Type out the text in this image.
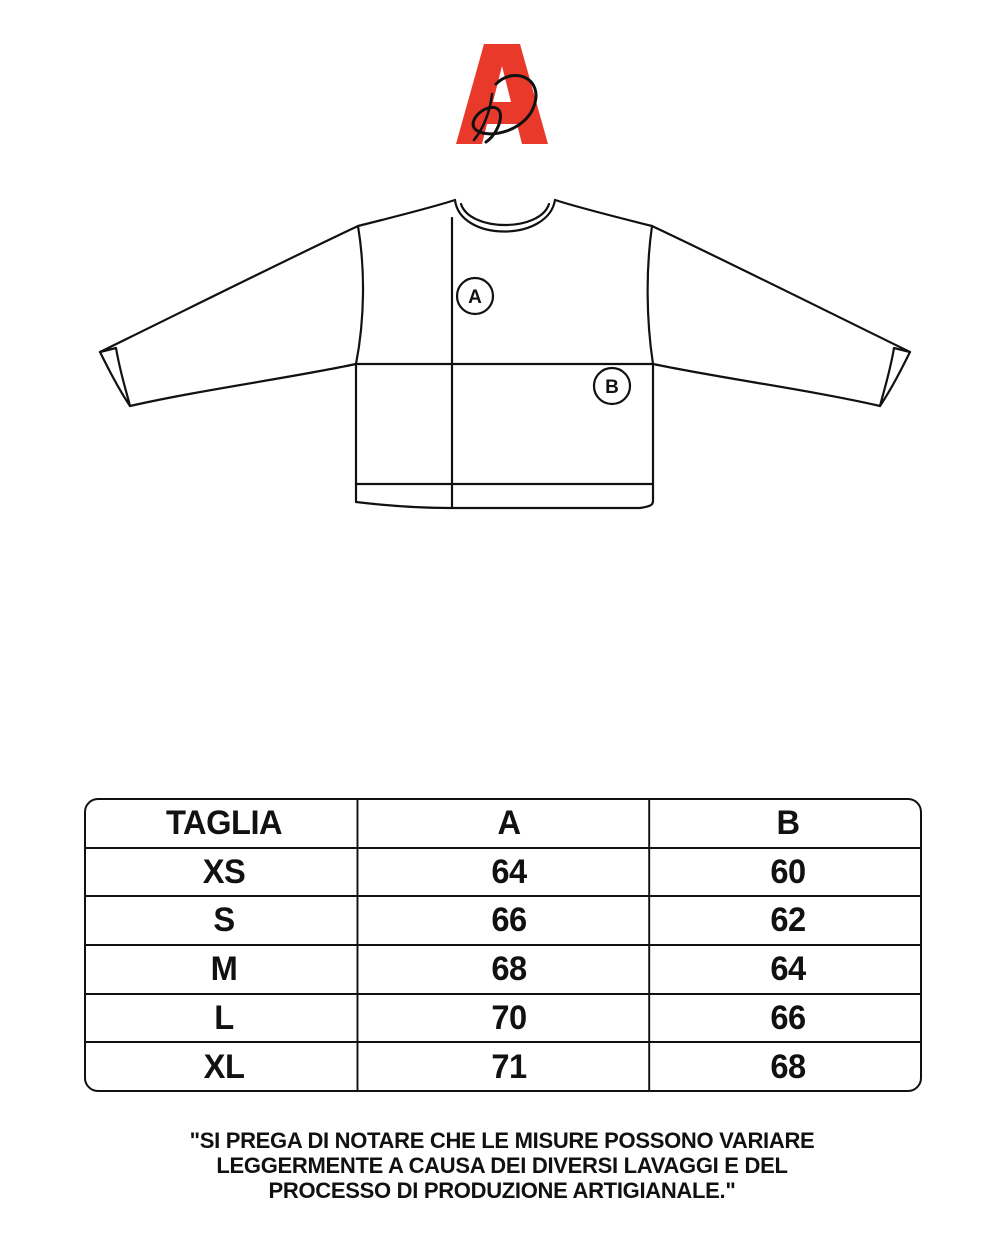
A
B
TAGLIA	A	B
XS	64	60
S	66	62
M	68	64
L	70	66
XL	71	68
"SI PREGA DI NOTARE CHE LE MISURE POSSONO VARIARE
LEGGERMENTE A CAUSA DEI DIVERSI LAVAGGI E DEL
PROCESSO DI PRODUZIONE ARTIGIANALE."
